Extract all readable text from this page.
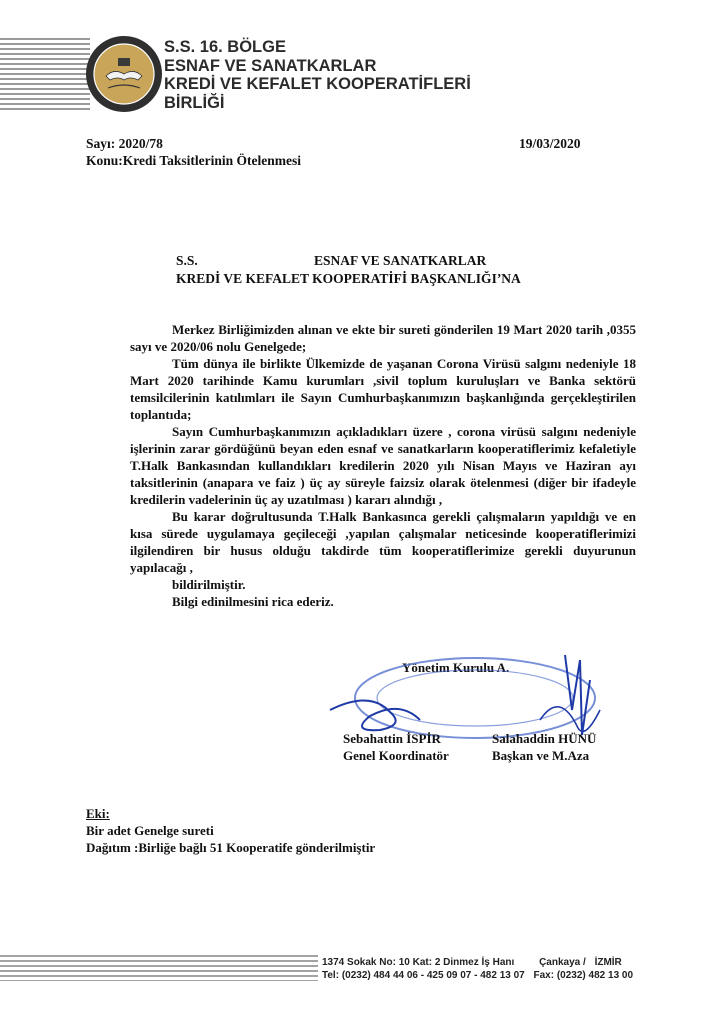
S.S. 16. BÖLGE
ESNAF VE SANATKARLAR
KREDİ VE KEFALET KOOPERATİFLERİ
BİRLİĞİ
Sayı: 2020/78
Konu:Kredi Taksitlerinin Ötelenmesi
19/03/2020
S.S.	ESNAF VE SANATKARLAR
KREDİ VE KEFALET KOOPERATİFİ BAŞKANLIĞI’NA

Merkez Birliğimizden alınan ve ekte bir sureti gönderilen 19 Mart 2020 tarih ,0355 sayı ve 2020/06 nolu Genelgede;

Tüm dünya ile birlikte Ülkemizde de yaşanan Corona Virüsü salgını nedeniyle 18 Mart 2020 tarihinde Kamu kurumları ,sivil toplum kuruluşları ve Banka sektörü temsilcilerinin katılımları ile Sayın Cumhurbaşkanımızın başkanlığında gerçekleştirilen toplantıda;

Sayın Cumhurbaşkanımızın açıkladıkları üzere , corona virüsü salgını nedeniyle işlerinin zarar gördüğünü beyan eden esnaf ve sanatkarların kooperatiflerimiz kefaletiyle T.Halk Bankasından kullandıkları kredilerin 2020 yılı Nisan Mayıs ve Haziran ayı taksitlerinin (anapara ve faiz ) üç ay süreyle faizsiz olarak ötelenmesi (diğer bir ifadeyle kredilerin vadelerinin üç ay uzatılması ) kararı alındığı ,

Bu karar doğrultusunda T.Halk Bankasınca gerekli çalışmaların yapıldığı ve en kısa sürede uygulamaya geçileceği ,yapılan çalışmalar neticesinde kooperatiflerimizi ilgilendiren bir husus olduğu takdirde tüm kooperatiflerimize gerekli duyurunun yapılacağı ,

bildirilmiştir.

Bilgi edinilmesini rica ederiz.

Yönetim Kurulu A.
Sebahattin İSPİR
Genel Koordinatör
Salahaddin HÜNÜ
Başkan ve M.Aza
Eki:
Bir adet Genelge sureti
Dağıtım :Birliğe bağlı 51 Kooperatife gönderilmiştir
1374 Sokak No: 10 Kat: 2 Dinmez İş Hanı Çankaya / İZMİR
Tel: (0232) 484 44 06 - 425 09 07 - 482 13 07 Fax: (0232) 482 13 00
